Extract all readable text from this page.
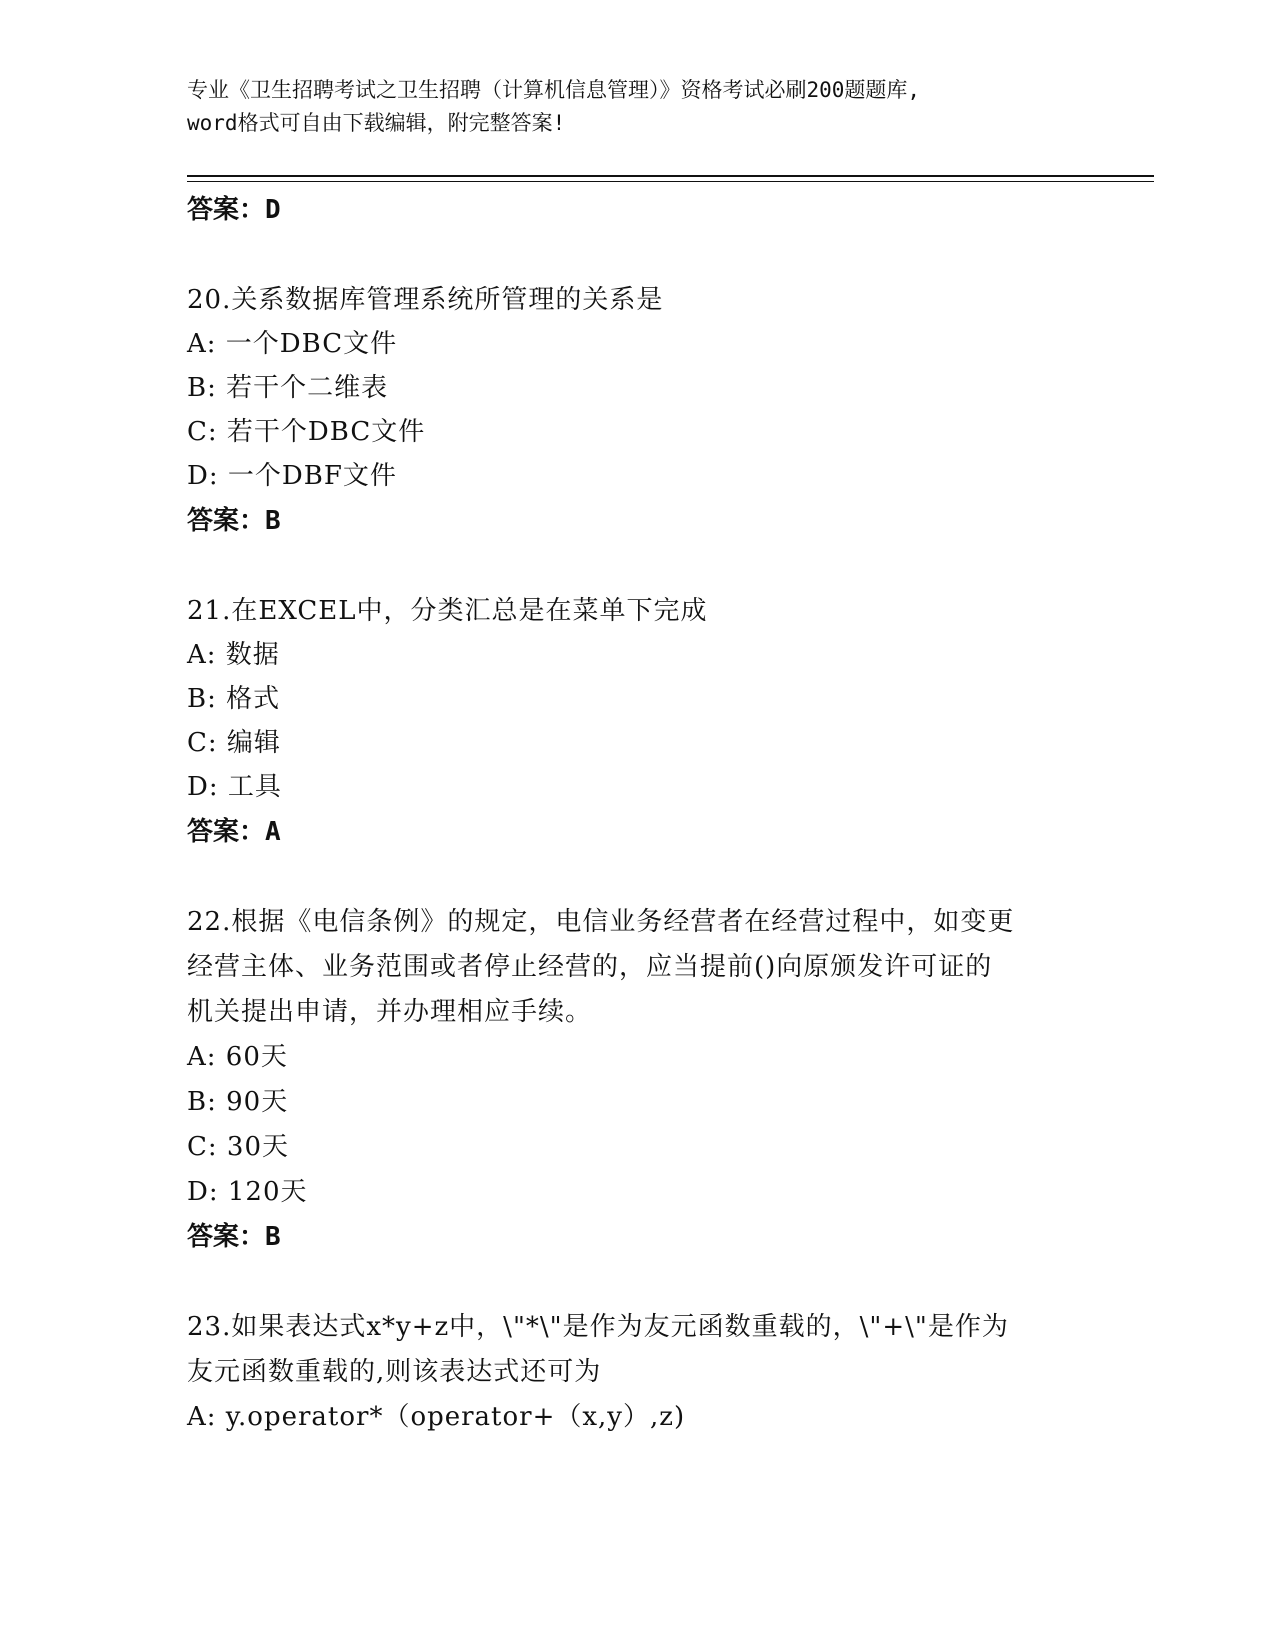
专业《卫生招聘考试之卫生招聘（计算机信息管理）》资格考试必刷200题题库,
word格式可自由下载编辑，附完整答案!
答案：D
20.关系数据库管理系统所管理的关系是
A: 一个DBC文件
B: 若干个二维表
C: 若干个DBC文件
D: 一个DBF文件
答案：B
21.在EXCEL中，分类汇总是在菜单下完成
A: 数据
B: 格式
C: 编辑
D: 工具
答案：A
22.根据《电信条例》的规定，电信业务经营者在经营过程中，如变更
经营主体、业务范围或者停止经营的，应当提前()向原颁发许可证的
机关提出申请，并办理相应手续。
A: 60天
B: 90天
C: 30天
D: 120天
答案：B
23.如果表达式x*y+z中，\"*\"是作为友元函数重载的，\"+\"是作为
友元函数重载的,则该表达式还可为
A: y.operator*（operator+（x,y）,z)
